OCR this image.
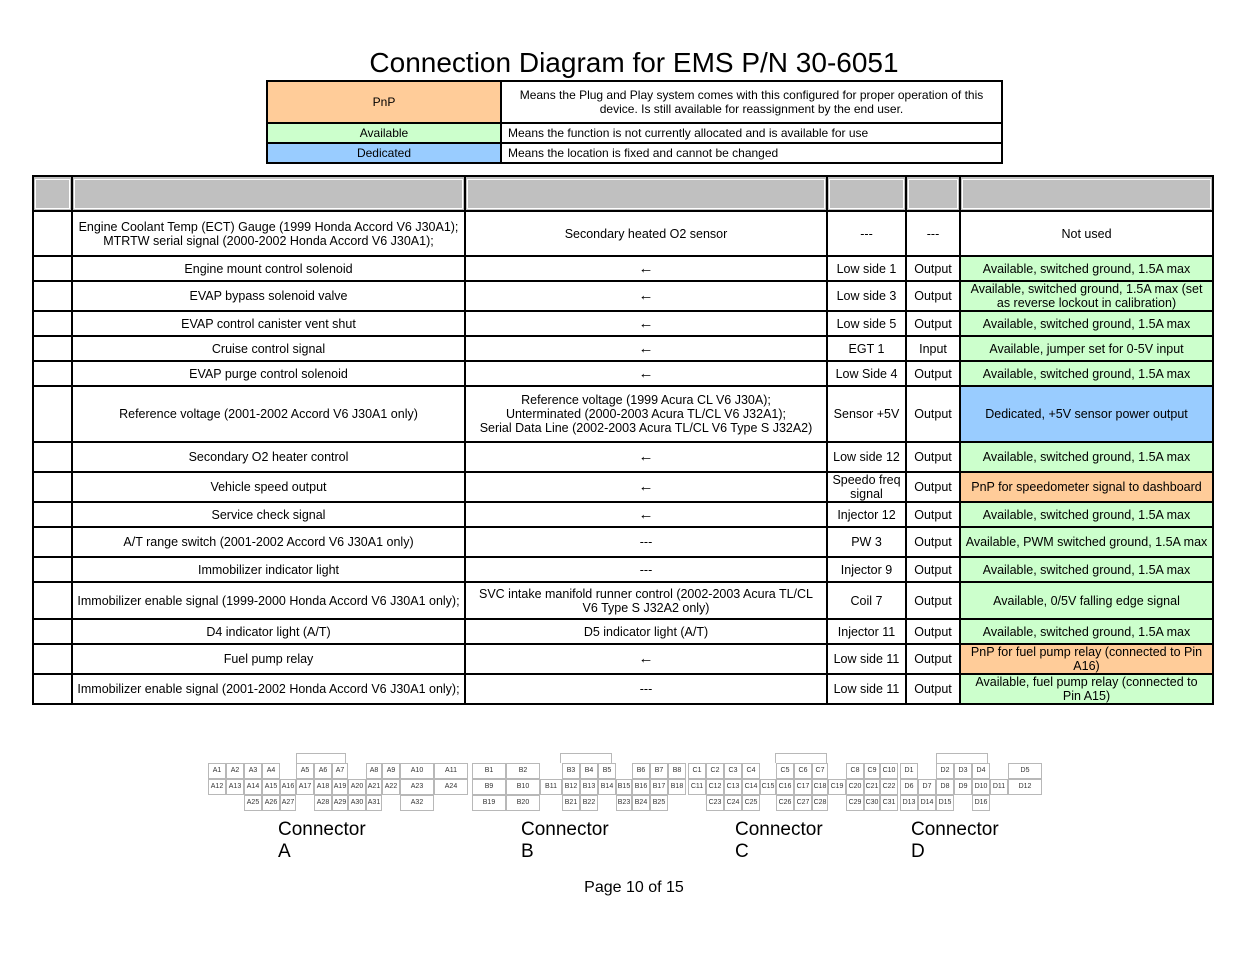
Connection Diagram for EMS P/N 30-6051
PnP	Means the Plug and Play system comes with this configured for proper operation of this device. Is still available for reassignment by the end user.
Available	Means the function is not currently allocated and is available for use
Dedicated	Means the location is fixed and cannot be changed

	Engine Coolant Temp (ECT) Gauge (1999 Honda Accord V6 J30A1);
MTRTW serial signal (2000-2002 Honda Accord V6 J30A1);	Secondary heated O2 sensor	---	---	Not used
	Engine mount control solenoid	←	Low side 1	Output	Available, switched ground, 1.5A max
	EVAP bypass solenoid valve	←	Low side 3	Output	Available, switched ground, 1.5A max (set as reverse lockout in calibration)
	EVAP control canister vent shut	←	Low side 5	Output	Available, switched ground, 1.5A max
	Cruise control signal	←	EGT 1	Input	Available, jumper set for 0-5V input
	EVAP purge control solenoid	←	Low Side 4	Output	Available, switched ground, 1.5A max
	Reference voltage (2001-2002 Accord V6 J30A1 only)	Reference voltage (1999 Acura CL V6 J30A);
Unterminated (2000-2003 Acura TL/CL V6 J32A1);
Serial Data Line (2002-2003 Acura TL/CL V6 Type S J32A2)	Sensor +5V	Output	Dedicated, +5V sensor power output
	Secondary O2 heater control	←	Low side 12	Output	Available, switched ground, 1.5A max
	Vehicle speed output	←	Speedo freq signal	Output	PnP for speedometer signal to dashboard
	Service check signal	←	Injector 12	Output	Available, switched ground, 1.5A max
	A/T range switch (2001-2002 Accord V6 J30A1 only)	---	PW 3	Output	Available, PWM switched ground, 1.5A max
	Immobilizer indicator light	---	Injector 9	Output	Available, switched ground, 1.5A max
	Immobilizer enable signal (1999-2000 Honda Accord V6 J30A1 only);	SVC intake manifold runner control (2002-2003 Acura TL/CL V6 Type S J32A2 only)	Coil 7	Output	Available, 0/5V falling edge signal
	D4 indicator light (A/T)	D5 indicator light (A/T)	Injector 11	Output	Available, switched ground, 1.5A max
	Fuel pump relay	←	Low side 11	Output	PnP for fuel pump relay (connected to Pin A16)
	Immobilizer enable signal (2001-2002 Honda Accord V6 J30A1 only);	---	Low side 11	Output	Available, fuel pump relay (connected to Pin A15)
A1	A2	A3	A4	A5	A6	A7	A8	A9	A10	A11
A12 A13 A14 A15 A16 A17 A18 A19 A20 A21 A22	A23	A24
A25 A26 A27	A28 A29 A30 A31	A32
Connector A
B1	B2	B3	B4	B5	B6	B7	B8
B9	B10	B11	B12 B13 B14 B15 B16 B17 B18
B19	B20	B21 B22	B23 B24 B25
Connector B
C1	C2	C3	C4	C5	C6	C7	C8	C9 C10
C11 C12 C13 C14 C15 C16 C17 C18 C19 C20 C21 C22
C23 C24 C25	C26 C27 C28	C29 C30 C31
Connector C
D1	D2	D3	D4	D5
D6	D7	D8	D9	D10 D11	D12
D13 D14 D15	D16
Connector D
Page 10 of 15
